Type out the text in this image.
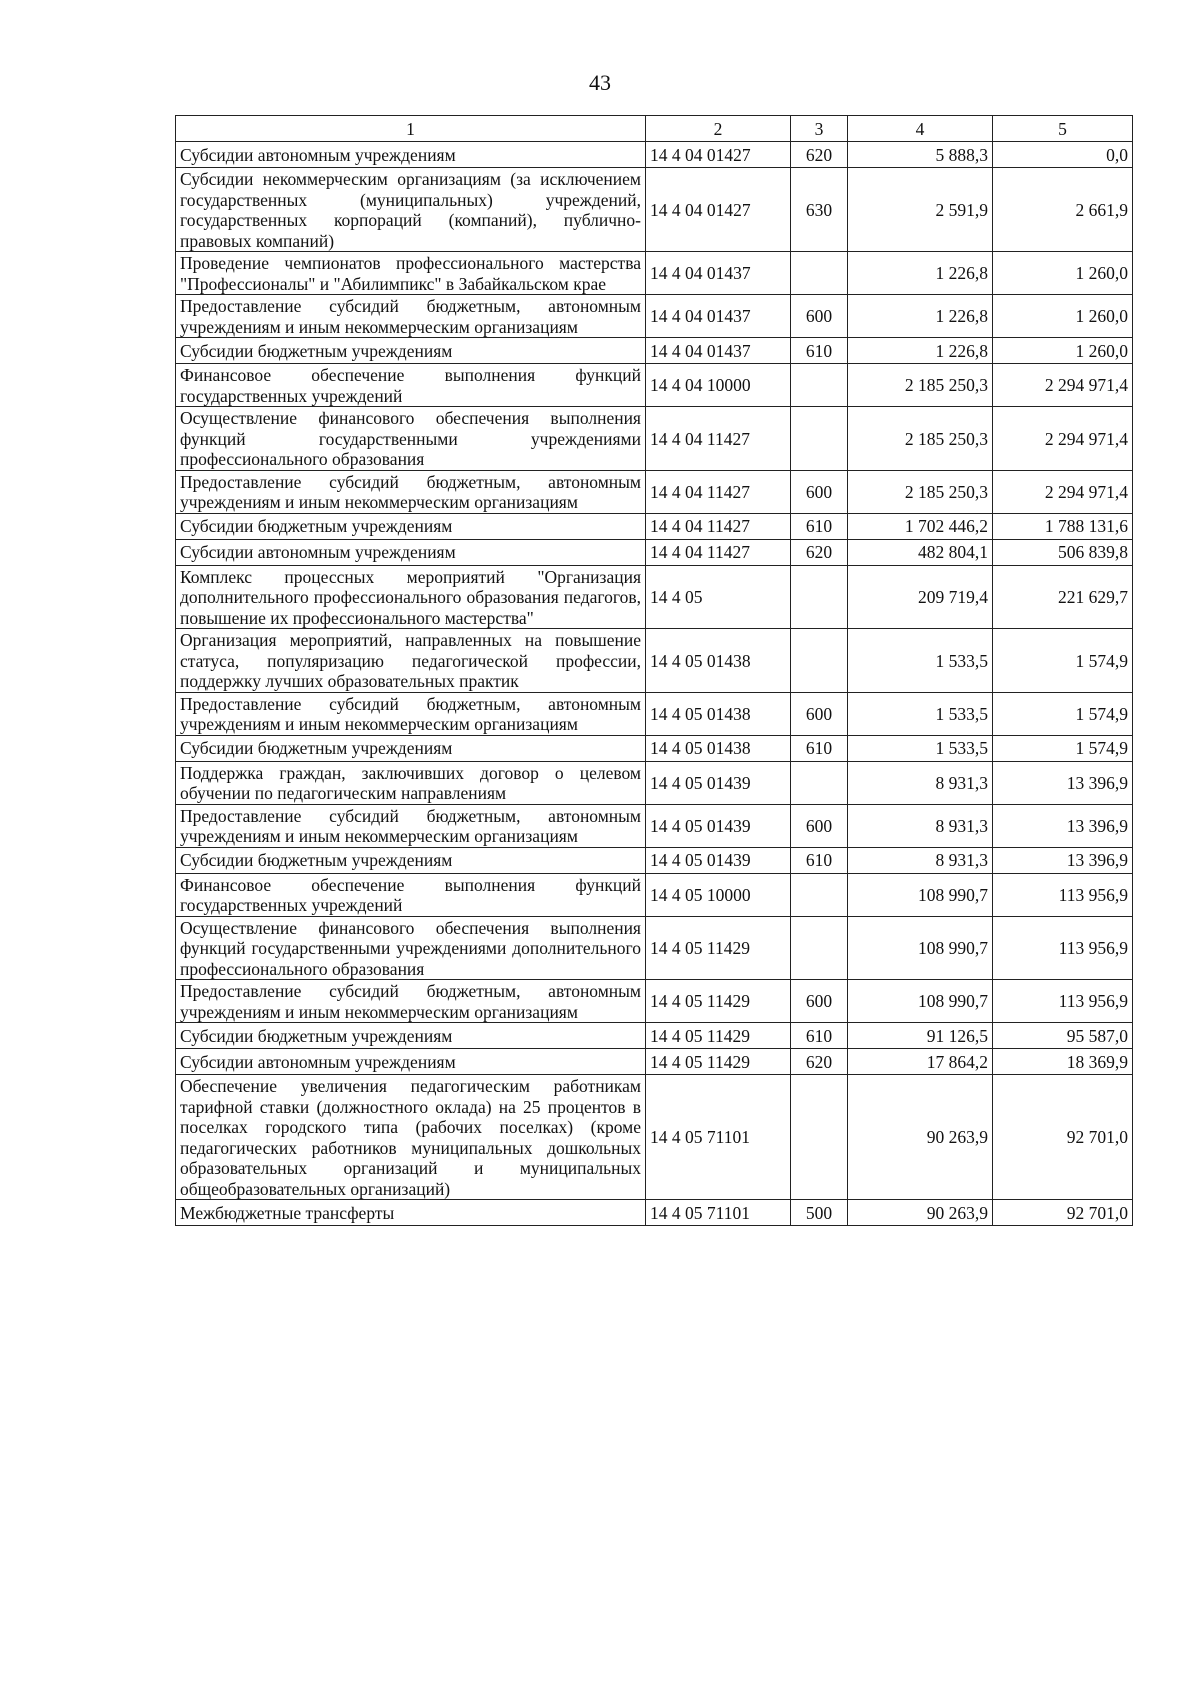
43
1	2	3	4	5
Субсидии автономным учреждениям	14 4 04 01427	620	5 888,3	0,0
Субсидии некоммерческим организациям (за исключением государственных (муниципальных) учреждений, государственных корпораций (компаний), публично-правовых компаний)	14 4 04 01427	630	2 591,9	2 661,9
Проведение чемпионатов профессионального мастерства "Профессионалы" и "Абилимпикс" в Забайкальском крае	14 4 04 01437		1 226,8	1 260,0
Предоставление субсидий бюджетным, автономным учреждениям и иным некоммерческим организациям	14 4 04 01437	600	1 226,8	1 260,0
Субсидии бюджетным учреждениям	14 4 04 01437	610	1 226,8	1 260,0
Финансовое обеспечение выполнения функций государственных учреждений	14 4 04 10000		2 185 250,3	2 294 971,4
Осуществление финансового обеспечения выполнения функций государственными учреждениями профессионального образования	14 4 04 11427		2 185 250,3	2 294 971,4
Предоставление субсидий бюджетным, автономным учреждениям и иным некоммерческим организациям	14 4 04 11427	600	2 185 250,3	2 294 971,4
Субсидии бюджетным учреждениям	14 4 04 11427	610	1 702 446,2	1 788 131,6
Субсидии автономным учреждениям	14 4 04 11427	620	482 804,1	506 839,8
Комплекс процессных мероприятий "Организация дополнительного профессионального образования педагогов, повышение их профессионального мастерства"	14 4 05		209 719,4	221 629,7
Организация мероприятий, направленных на повышение статуса, популяризацию педагогической профессии, поддержку лучших образовательных практик	14 4 05 01438		1 533,5	1 574,9
Предоставление субсидий бюджетным, автономным учреждениям и иным некоммерческим организациям	14 4 05 01438	600	1 533,5	1 574,9
Субсидии бюджетным учреждениям	14 4 05 01438	610	1 533,5	1 574,9
Поддержка граждан, заключивших договор о целевом обучении по педагогическим направлениям	14 4 05 01439		8 931,3	13 396,9
Предоставление субсидий бюджетным, автономным учреждениям и иным некоммерческим организациям	14 4 05 01439	600	8 931,3	13 396,9
Субсидии бюджетным учреждениям	14 4 05 01439	610	8 931,3	13 396,9
Финансовое обеспечение выполнения функций государственных учреждений	14 4 05 10000		108 990,7	113 956,9
Осуществление финансового обеспечения выполнения функций государственными учреждениями дополнительного профессионального образования	14 4 05 11429		108 990,7	113 956,9
Предоставление субсидий бюджетным, автономным учреждениям и иным некоммерческим организациям	14 4 05 11429	600	108 990,7	113 956,9
Субсидии бюджетным учреждениям	14 4 05 11429	610	91 126,5	95 587,0
Субсидии автономным учреждениям	14 4 05 11429	620	17 864,2	18 369,9
Обеспечение увеличения педагогическим работникам тарифной ставки (должностного оклада) на 25 процентов в поселках городского типа (рабочих поселках) (кроме педагогических работников муниципальных дошкольных образовательных организаций и муниципальных общеобразовательных организаций)	14 4 05 71101		90 263,9	92 701,0
Межбюджетные трансферты	14 4 05 71101	500	90 263,9	92 701,0
